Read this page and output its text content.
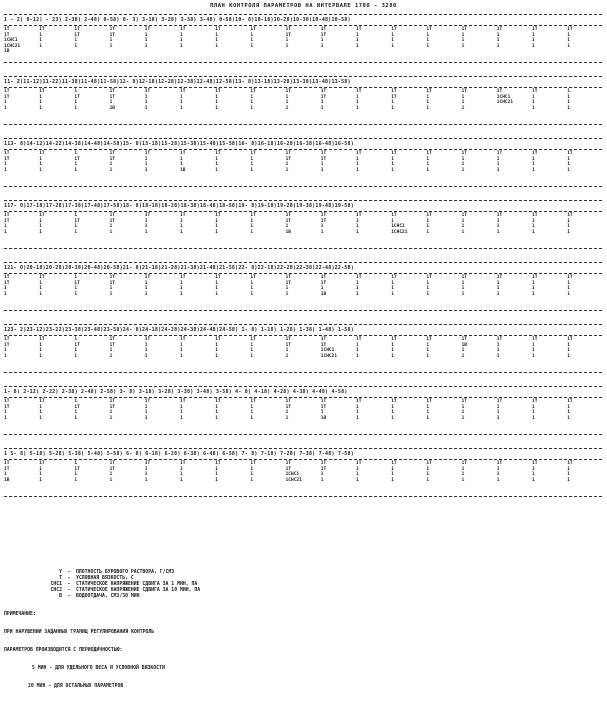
ПЛАН КОНТРОЛЯ ПАРАМЕТРОВ НА ИНТЕРВАЛЕ 1700 - 3280
1 - 2) 0-12) - 23) 2-38) 2-48) 0-58) 0- 3) 3-18) 3-28) 3-38) 3-48) 0-58)10- 8)10-18)10-28)10-38)10-48)10-58)
1T
1T
1СНС1
1СНС21
1В
1T
1
1
1
1T
1T
1
1
1T
1T
1
1
1T
1
1
1
1T
1
1
1
1T
1
1
1
1T
1
1
1
1T
1T
1
1
1T
1T
1
1
1T
1
1
1
1T
1
1
1
1T
1
1
1
1T
1
1
1
1T
1
1
1
1T
1
1
1
1T
1
1
1
11- 2)11-12)11-22)11-38)11-48)11-58)12- 8)12-18)12-28)12-38)12-48)12-58)13- 8)13-18)13-28)13-38)13-48)13-58)
1T
1T
1
1
1T
1
1
1
1
1T
1
1
1T
1T
1
1В
1T
1
1
1
1T
1
1
1
1T
1
1
1
1T
1
1
1
1T
1
1
1
1T
1T
1
1
1T
1
1
1
1T
1T
1
1
1T
1
1
1
1T
1
1
1
1T
1СНС1
1СНС21
1T
1
1
1
1
1
1
1
113- 8)14-12)14-22)14-38)14-48)14-58)15- 8)15-18)15-28)15-38)15-48)15-58)16- 8)16-18)16-28)16-38)16-48)16-58)
1T
1T
1
1
1T
1
1
1
1
1T
1
1
1T
1T
1
1
1T
1
1
1
1T
1
1
1В
1T
1
1
1
1T
1
1
1
1T
1T
1
1
1T
1T
1
1
1T
1
1
1
1T
1
1
1
1T
1
1
1
1T
1
1
1
1T
1
1
1
1T
1
1
1
1T
1
1
1
117- 0)17-18)17-28)17-38)17-48)17-58)18- 8)18-18)18-28)18-38)18-48)18-58)19- 8)19-18)19-28)19-38)19-48)19-58)
1T
1T
1
1
1T
1
1
1
1
1T
1
1
1T
1T
1
1
1T
1
1
1
1T
1
1
1
1T
1
1
1
1T
1
1
1
1T
1T
1
1В
1T
1T
1
1
1T
1
1
1
1T
1
1СНС1
1СНС21
1T
1
1
1
1T
1
1
1
1T
1
1
1
1T
1
1
1
1T
1
1
1
121- 0)20-18)20-28)20-38)20-48)20-58)21- 8)21-18)21-28)21-38)21-48)21-58)22- 8)22-18)22-28)22-38)22-48)22-58)
1T
1T
1
1
1T
1
1
1
1
1T
1
1
1T
1T
1
1
1T
1
1
1
1T
1
1
1
1T
1
1
1
1T
1
1
1
1T
1T
1
1
1T
1T
1
1В
1T
1
1
1
1T
1
1
1
1T
1
1
1
1T
1
1
1
1T
1
1
1
1T
1
1
1
1T
1
1
1
123- 2)23-12)23-22)23-38)23-48)23-58)24- 8)24-18)24-28)24-38)24-48)24-58) 1- 8) 1-18) 1-28) 1-38) 1-48) 1-58)
1T
1T
1
1
1T
1
1
1
1
1T
1
1
1T
1T
1
1
1T
1
1
1
1T
1
1
1
1T
1
1
1
1T
1
1
1
1T
1T
1
1
1T
1T
1СНС1
1СНС21
1T
1
1
1
1T
1
1
1
1T
1
1
1
1T
1В
1
1
1T
1
1
1
1T
1
1
1
1T
1
1
1
1- 8) 2-12) 2-22) 2-38) 2-48) 2-58) 3- 8) 3-18) 3-28) 3-38) 3-48) 3-58) 4- 8) 4-18) 4-28) 4-38) 4-48) 4-58)
1T
1T
1
1
1T
1
1
1
1
1T
1
1
1T
1T
1
1
1T
1
1
1
1T
1
1
1
1T
1
1
1
1T
1
1
1
1T
1T
1
1
1T
1T
1
1В
1T
1
1
1
1T
1
1
1
1T
1
1
1
1T
1
1
1
1T
1
1
1
1T
1
1
1
1T
1
1
1
1 5- 8) 5-18) 5-28) 5-38) 5-48) 5-58) 6- 8) 6-18) 6-28) 6-38) 6-48) 6-58) 7- 8) 7-18) 7-28) 7-38) 7-48) 7-58)
1T
1T
1
1В
1T
1
1
1
1
1T
1
1
1T
1T
1
1
1T
1
1
1
1T
1
1
1
1T
1
1
1
1T
1
1
1
1T
1T
1СНС1
1СНС21
1T
1T
1
1
1T
1
1
1
1T
1
1
1
1T
1
1
1
1T
1
1
1
1T
1
1
1
1T
1
1
1
1T
1
1
1

Y - ПЛОТНОСТЬ БУРОВОГО РАСТВОРА, Г/СМ3
T - УСЛОВНАЯ ВЯЗКОСТЬ, С
СНС1 - СТАТИЧЕСКОЕ НАПРЯЖЕНИЕ СДВИГА ЗА 1 МИН, ПА
СНС2 - СТАТИЧЕСКОЕ НАПРЯЖЕНИЕ СДВИГА ЗА 10 МИН, ПА
В - ВОДООТДАЧА, СМ3/30 МИН

ПРИМЕЧАНИЕ:

ПРИ НАРУШЕНИИ ЗАДАННЫХ ГРАНИЦ РЕГУЛИРОВАНИЯ КОНТРОЛЬ

ПАРАМЕТРОВ ПРОИЗВОДИТСЯ С ПЕРИОДИЧНОСТЬЮ:

5 МИН - ДЛЯ УДЕЛЬНОГО ВЕСА И УСЛОВНОЙ ВЯЗКОСТИ

20 МИН - ДЛЯ ОСТАЛЬНЫХ ПАРАМЕТРОВ
